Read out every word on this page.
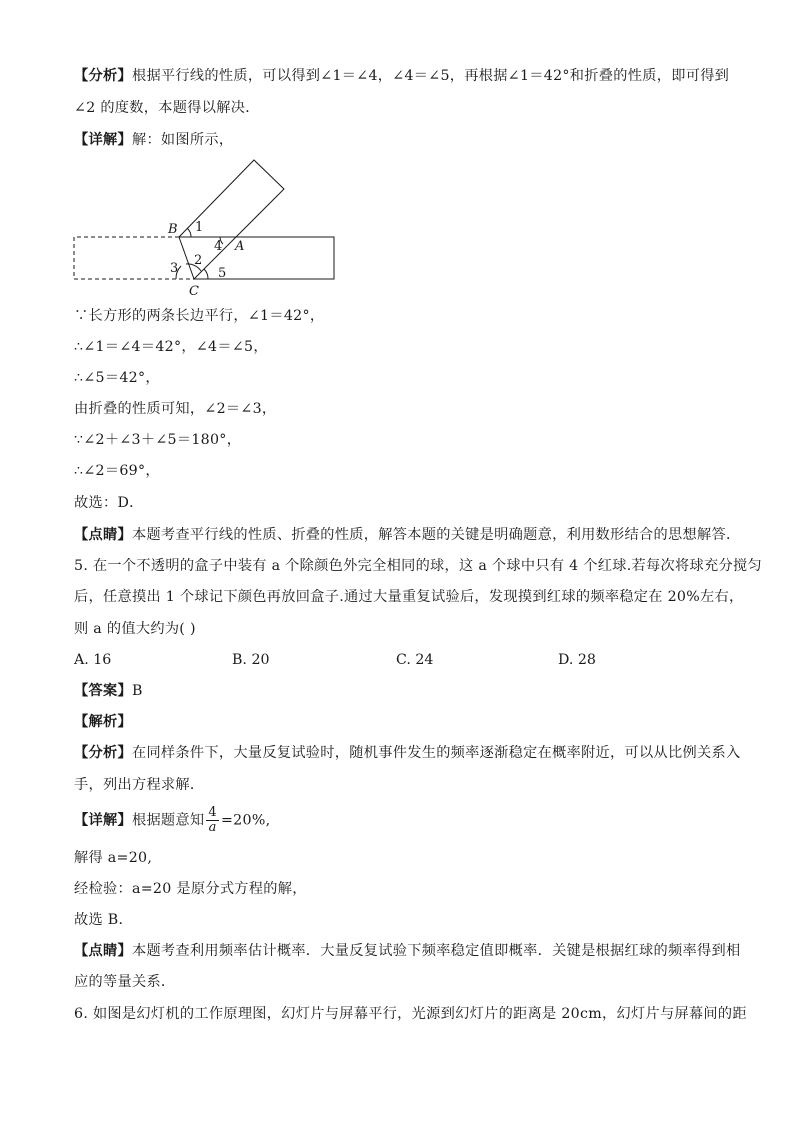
【分析】根据平行线的性质，可以得到∠1＝∠4，∠4＝∠5，再根据∠1＝42°和折叠的性质，即可得到
∠2 的度数，本题得以解决．
【详解】解：如图所示，
B
A
C
1
2
3
4
5
∵长方形的两条长边平行，∠1＝42°，
∴∠1＝∠4＝42°，∠4＝∠5，
∴∠5＝42°，
由折叠的性质可知，∠2＝∠3，
∵∠2＋∠3＋∠5＝180°，
∴∠2＝69°，
故选：D．
【点睛】本题考查平行线的性质、折叠的性质，解答本题的关键是明确题意，利用数形结合的思想解答．
5. 在一个不透明的盒子中装有 a 个除颜色外完全相同的球，这 a 个球中只有 4 个红球.若每次将球充分搅匀
后，任意摸出 1 个球记下颜色再放回盒子.通过大量重复试验后，发现摸到红球的频率稳定在 20%左右，
则 a 的值大约为( )
A. 16	B. 20	C. 24	D. 28
【答案】B
【解析】
【分析】在同样条件下，大量反复试验时，随机事件发生的频率逐渐稳定在概率附近，可以从比例关系入
手，列出方程求解．
【详解】根据题意知 $\frac{4}{a} =20\%$,
解得 a=20,
经检验：a=20 是原分式方程的解，
故选 B．
【点睛】本题考查利用频率估计概率．大量反复试验下频率稳定值即概率．关键是根据红球的频率得到相
应的等量关系．
6. 如图是幻灯机的工作原理图，幻灯片与屏幕平行，光源到幻灯片的距离是 20cm，幻灯片与屏幕间的距
